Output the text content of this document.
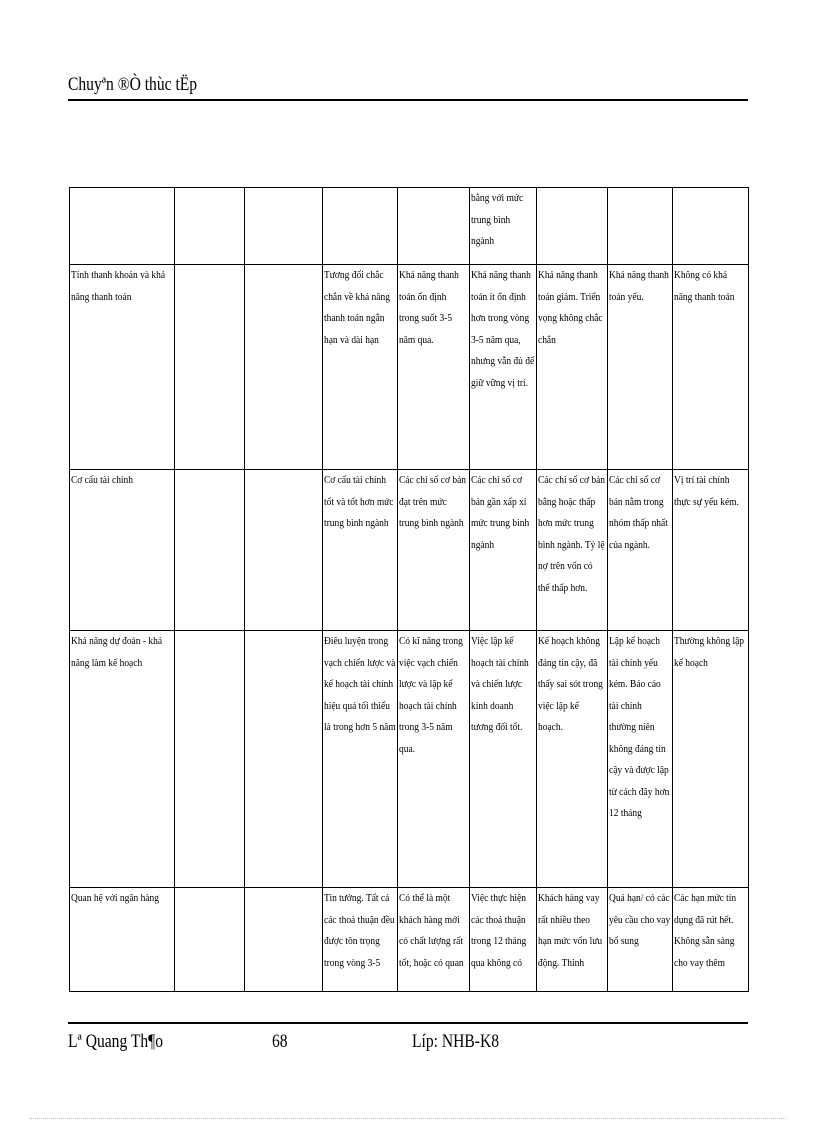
Chuyªn ®Ò thùc tËp

					bằng với mức trung bình ngành			

Tính thanh khoản và khả năng thanh toán			Tương đối chắc chắn về khả năng thanh toán ngắn hạn và dài hạn	Khả năng thanh toán ổn định trong suốt 3-5 năm qua.	Khả năng thanh toán ít ổn định hơn trong vòng 3-5 năm qua, nhưng vẫn đủ để giữ vững vị trí.	Khả năng thanh toán giảm. Triển vọng không chắc chắn	Khả năng thanh toán yếu.	Không có khả năng thanh toán

Cơ cấu tài chính			Cơ cấu tài chính tốt và tốt hơn mức trung bình ngành	Các chỉ số cơ bản đạt trên mức trung bình ngành	Các chỉ số cơ bản gần xấp xỉ mức trung bình ngành	Các chỉ số cơ bản bằng hoặc thấp hơn mức trung bình ngành. Tỷ lệ nợ trên vốn có thể thấp hơn.	Các chỉ số cơ bản nằm trong nhóm thấp nhất của ngành.	Vị trí tài chính thực sự yếu kém.

Khả năng dự đoán - khả năng làm kế hoạch			Điêu luyện trong vạch chiến lược và kế hoạch tài chính hiệu quả tối thiểu là trong hơn 5 năm	Có kĩ năng trong việc vạch chiến lược và lập kế hoạch tài chính trong 3-5 năm qua.	Việc lập kế hoạch tài chính và chiến lược kinh doanh tương đối tốt.	Kế hoạch không đáng tin cậy, đã thấy sai sót trong việc lập kế hoạch.	Lập kế hoạch tài chính yếu kém. Báo cáo tài chính thường niên không đáng tin cậy và được lập từ cách đây hơn 12 tháng	Thường không lập kế hoạch

Quan hệ với ngân hàng			Tin tưởng. Tất cả các thoả thuận đều được tôn trọng trong vòng 3-5	Có thể là một khách hàng mới có chất lượng rất tốt, hoặc có quan	Việc thực hiện các thoả thuận trong 12 tháng qua không có	Khách hàng vay rất nhiều theo hạn mức vốn lưu động. Thỉnh	Quá hạn/ có các yêu cầu cho vay bổ sung	Các hạn mức tín dụng đã rút hết. Không sẵn sàng cho vay thêm
Lª Quang Th¶o	68	Líp: NHB-K8
